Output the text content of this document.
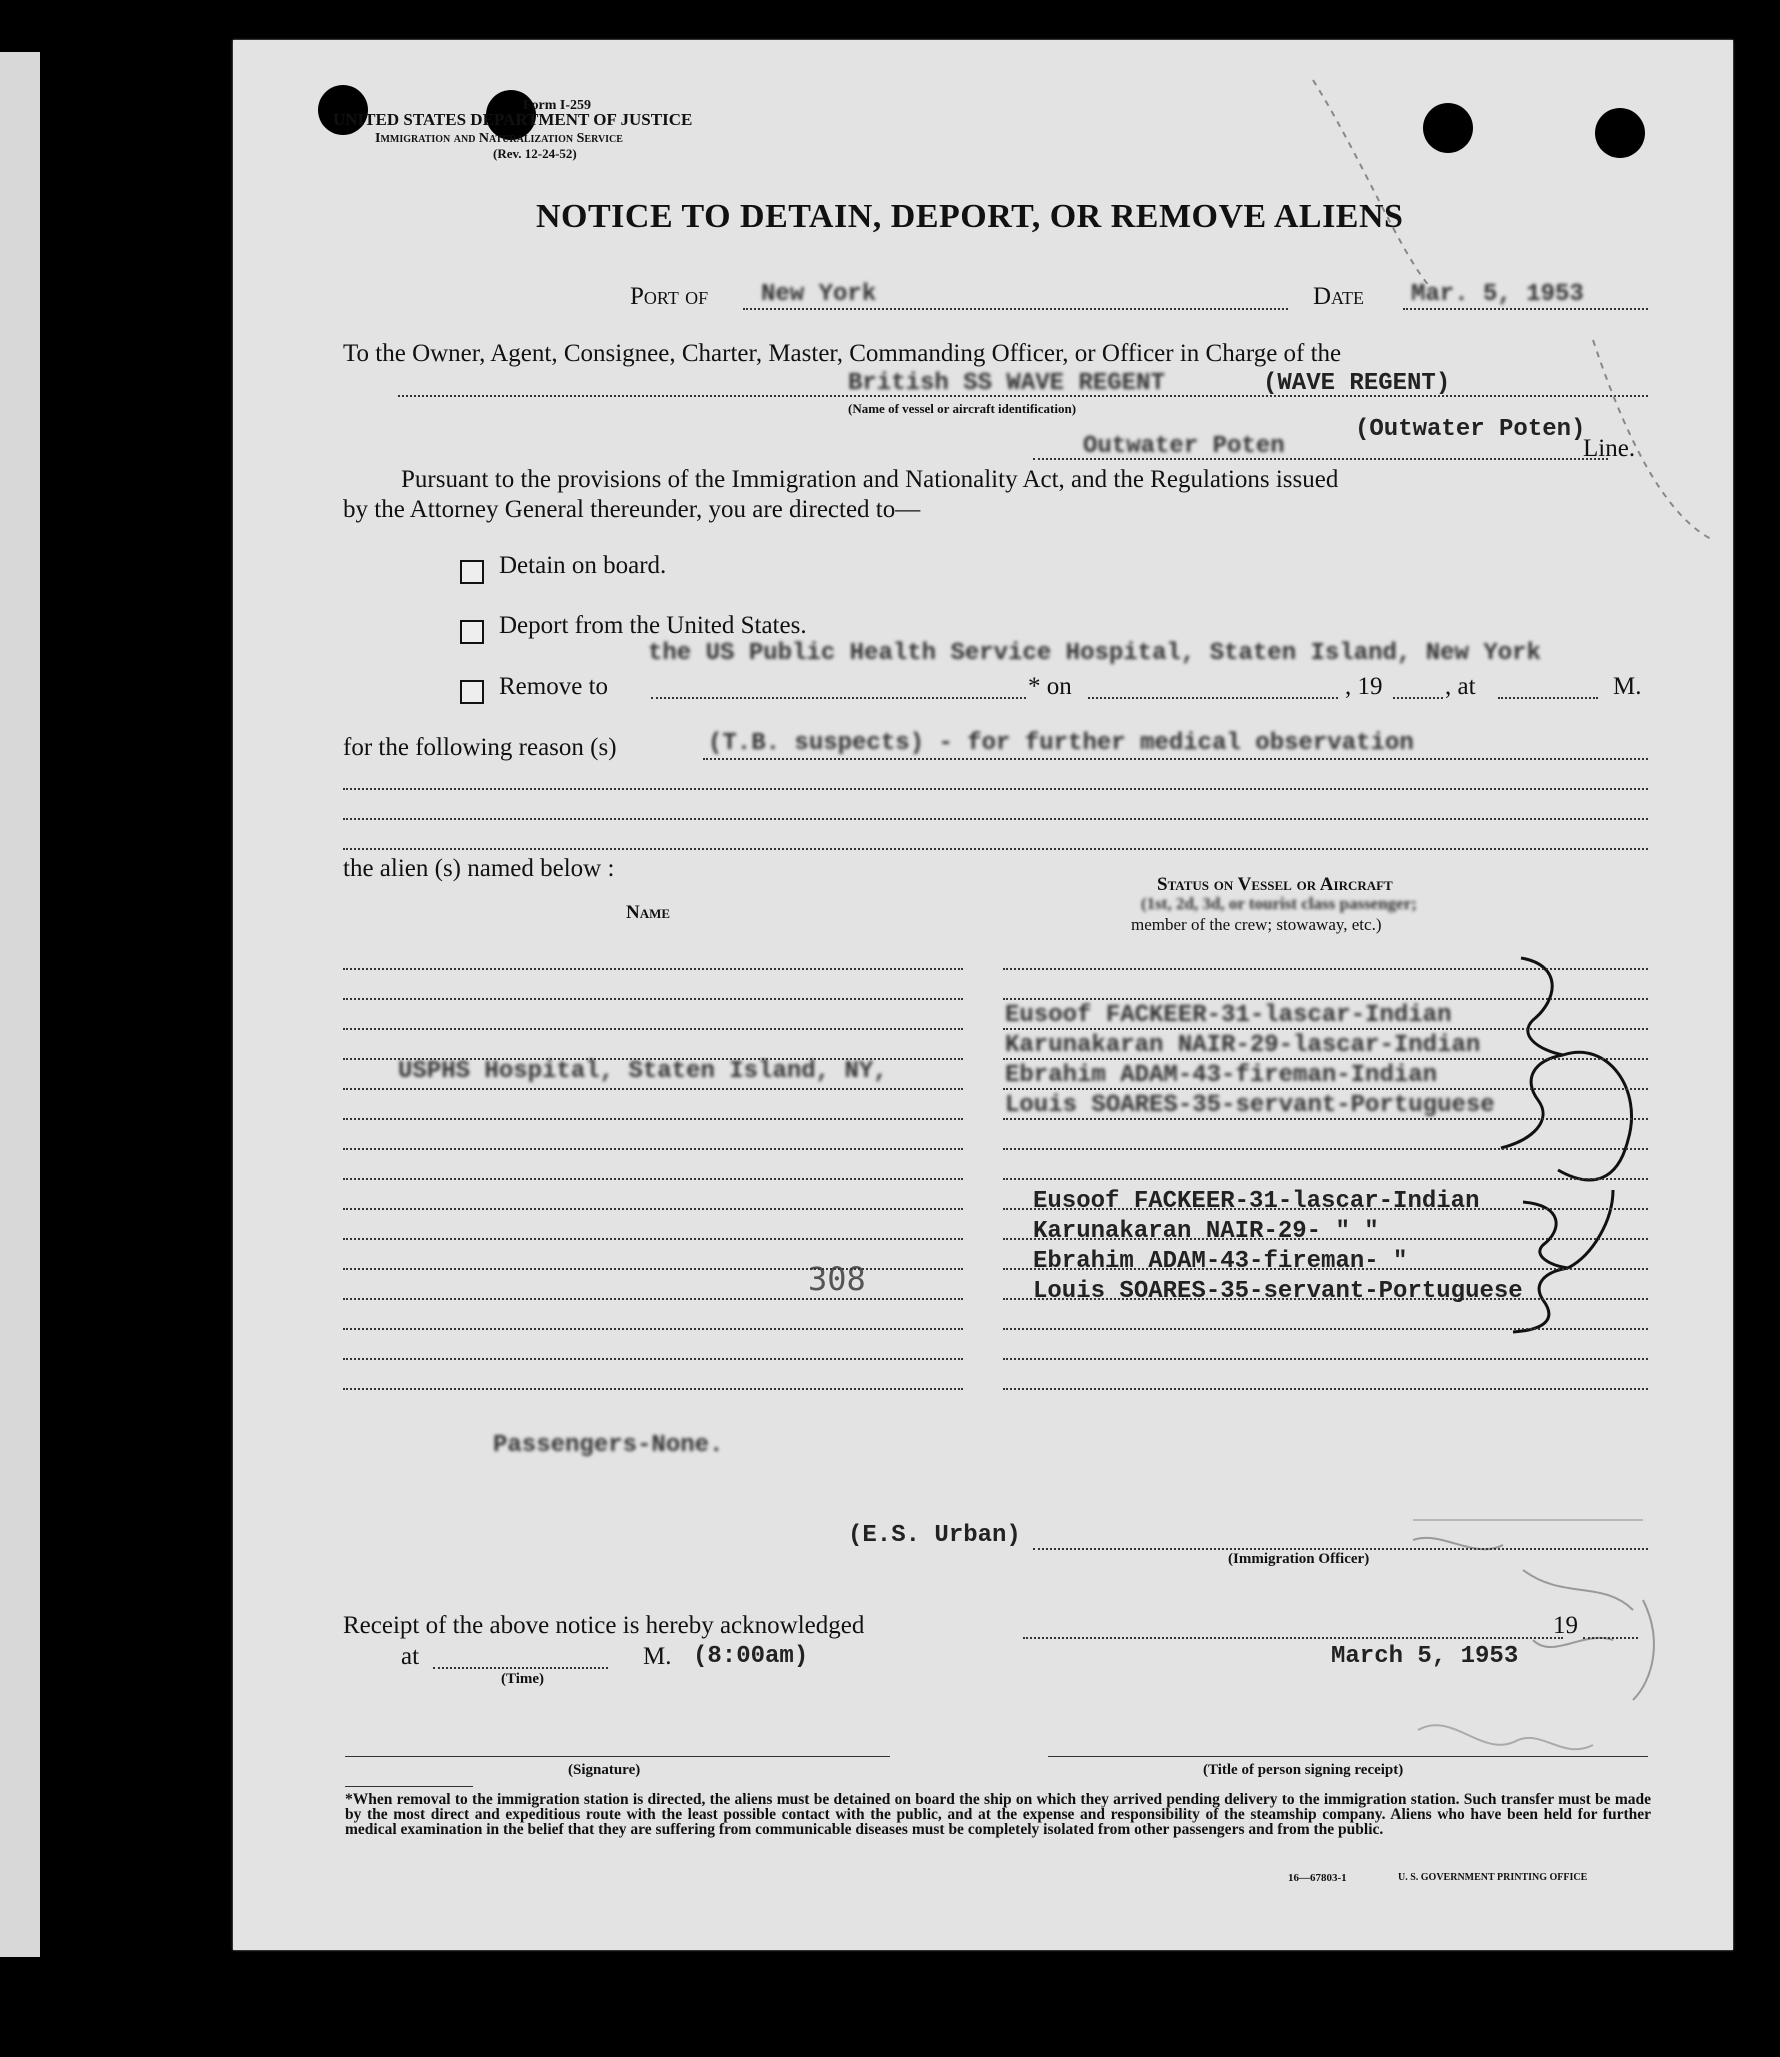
UNITED STATES DEPARTMENT OF JUSTICE
Form I-259
Immigration and Naturalization Service
(Rev. 12-24-52)
NOTICE TO DETAIN, DEPORT, OR REMOVE ALIENS
Port of New York	Date Mar. 5, 1953
To the Owner, Agent, Consignee, Charter, Master, Commanding Officer, or Officer in Charge of the
British SS WAVE REGENT	(WAVE REGENT)
(Name of vessel or aircraft identification)
Outwater Poten
(Outwater Poten)
Line.
Pursuant to the provisions of the Immigration and Nationality Act, and the Regulations issued
by the Attorney General thereunder, you are directed to—
Detain on board.
Deport from the United States.
the US Public Health Service Hospital, Staten Island, New York
Remove to	* on	, 19	, at	M.
for the following reason (s)	(T.B. suspects) - for further medical observation
the alien (s) named below :
Name
Status on Vessel or Aircraft
(1st, 2d, 3d, or tourist class passenger;
member of the crew; stowaway, etc.)
USPHS Hospital, Staten Island, NY,
308
Passengers-None.
Eusoof FACKEER-31-lascar-Indian
Karunakaran NAIR-29-lascar-Indian
Ebrahim ADAM-43-fireman-Indian
Louis SOARES-35-servant-Portuguese
Eusoof FACKEER-31-lascar-Indian
Karunakaran NAIR-29- " "
Ebrahim ADAM-43-fireman- "
Louis SOARES-35-servant-Portuguese
(E.S. Urban)
(Immigration Officer)
Receipt of the above notice is hereby acknowledged	19
at	M. (8:00am)
(Time)
March 5, 1953
(Signature)	(Title of person signing receipt)
*When removal to the immigration station is directed, the aliens must be detained on board the ship on which they arrived pending delivery to the immigration station. Such transfer must be made by the most direct and expeditious route with the least possible contact with the public, and at the expense and responsibility of the steamship company. Aliens who have been held for further medical examination in the belief that they are suffering from communicable diseases must be completely isolated from other passengers and from the public.
16—67803-1	U. S. GOVERNMENT PRINTING OFFICE
